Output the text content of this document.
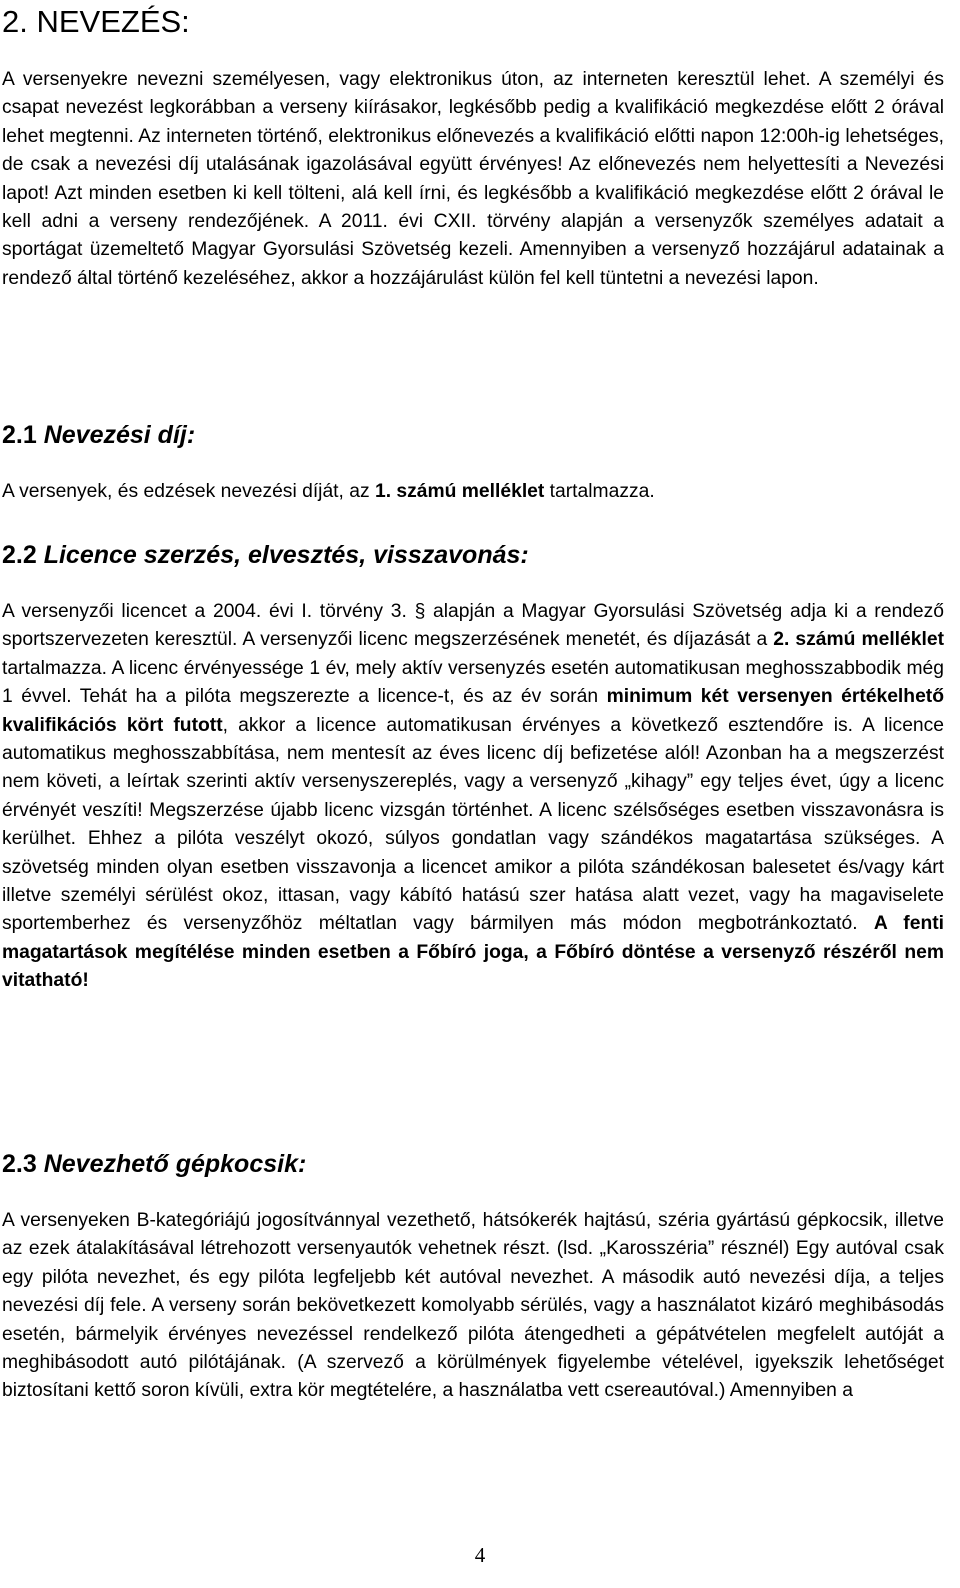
2. NEVEZÉS:

A versenyekre nevezni személyesen, vagy elektronikus úton, az interneten keresztül lehet. A személyi és csapat nevezést legkorábban a verseny kiírásakor, legkésőbb pedig a kvalifikáció megkezdése előtt 2 órával lehet megtenni. Az interneten történő, elektronikus előnevezés a kvalifikáció előtti napon 12:00h-ig lehetséges, de csak a nevezési díj utalásának igazolásával együtt érvényes! Az előnevezés nem helyettesíti a Nevezési lapot! Azt minden esetben ki kell tölteni, alá kell írni, és legkésőbb a kvalifikáció megkezdése előtt 2 órával le kell adni a verseny rendezőjének. A 2011. évi CXII. törvény alapján a versenyzők személyes adatait a sportágat üzemeltető Magyar Gyorsulási Szövetség kezeli. Amennyiben a versenyző hozzájárul adatainak a rendező által történő kezeléséhez, akkor a hozzájárulást külön fel kell tüntetni a nevezési lapon.

2.1 Nevezési díj:

A versenyek, és edzések nevezési díját, az 1. számú melléklet tartalmazza.

2.2 Licence szerzés, elvesztés, visszavonás:

A versenyzői licencet a 2004. évi I. törvény 3. § alapján a Magyar Gyorsulási Szövetség adja ki a rendező sportszervezeten keresztül. A versenyzői licenc megszerzésének menetét, és díjazását a 2. számú melléklet tartalmazza. A licenc érvényessége 1 év, mely aktív versenyzés esetén automatikusan meghosszabbodik még 1 évvel. Tehát ha a pilóta megszerezte a licence-t, és az év során minimum két versenyen értékelhető kvalifikációs kört futott, akkor a licence automatikusan érvényes a következő esztendőre is. A licence automatikus meghosszabbítása, nem mentesít az éves licenc díj befizetése alól! Azonban ha a megszerzést nem követi, a leírtak szerinti aktív versenyszereplés, vagy a versenyző „kihagy” egy teljes évet, úgy a licenc érvényét veszíti! Megszerzése újabb licenc vizsgán történhet. A licenc szélsőséges esetben visszavonásra is kerülhet. Ehhez a pilóta veszélyt okozó, súlyos gondatlan vagy szándékos magatartása szükséges. A szövetség minden olyan esetben visszavonja a licencet amikor a pilóta szándékosan balesetet és/vagy kárt illetve személyi sérülést okoz, ittasan, vagy kábító hatású szer hatása alatt vezet, vagy ha magaviselete sportemberhez és versenyzőhöz méltatlan vagy bármilyen más módon megbotránkoztató. A fenti magatartások megítélése minden esetben a Főbíró joga, a Főbíró döntése a versenyző részéről nem vitatható!

2.3 Nevezhető gépkocsik:

A versenyeken B-kategóriájú jogosítvánnyal vezethető, hátsókerék hajtású, széria gyártású gépkocsik, illetve az ezek átalakításával létrehozott versenyautók vehetnek részt. (lsd. „Karosszéria” résznél) Egy autóval csak egy pilóta nevezhet, és egy pilóta legfeljebb két autóval nevezhet. A második autó nevezési díja, a teljes nevezési díj fele. A verseny során bekövetkezett komolyabb sérülés, vagy a használatot kizáró meghibásodás esetén, bármelyik érvényes nevezéssel rendelkező pilóta átengedheti a gépátvételen megfelelt autóját a meghibásodott autó pilótájának. (A szervező a körülmények figyelembe vételével, igyekszik lehetőséget biztosítani kettő soron kívüli, extra kör megtételére, a használatba vett csereautóval.) Amennyiben a

4
